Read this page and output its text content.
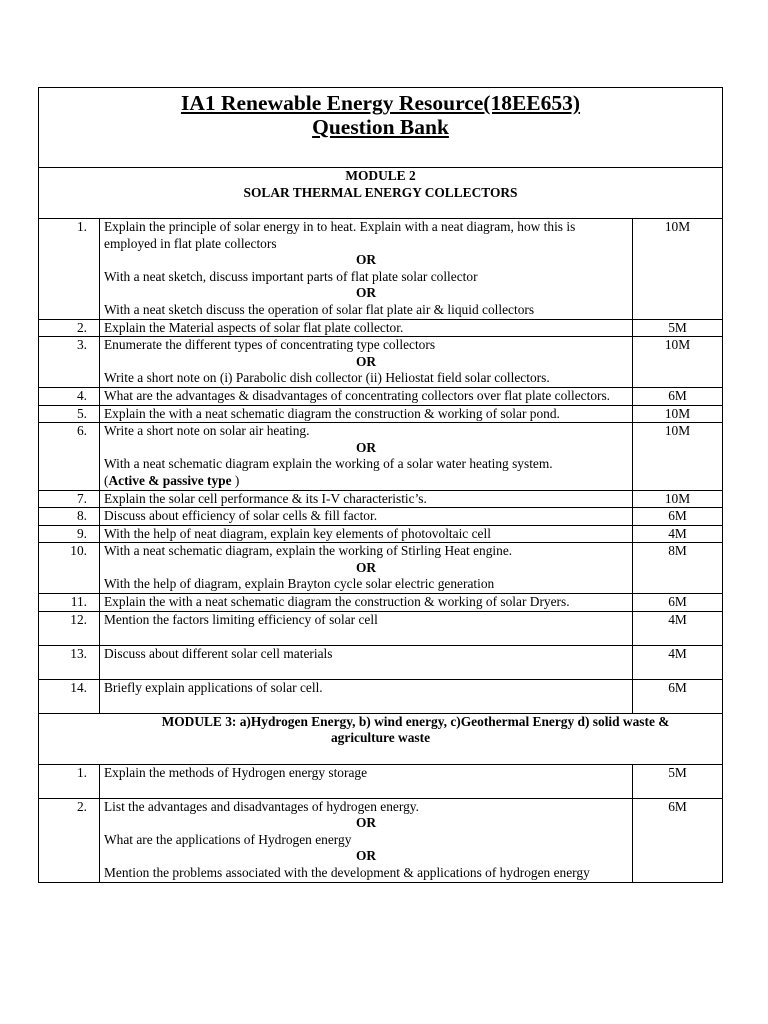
IA1 Renewable Energy Resource(18EE653)
Question Bank		

MODULE 2
SOLAR THERMAL ENERGY COLLECTORS		

1.	Explain the principle of solar energy in to heat. Explain with a neat diagram, how this is employed in flat plate collectors
OR
With a neat sketch, discuss important parts of flat plate solar collector
OR
With a neat sketch discuss the operation of solar flat plate air & liquid collectors	10M
2.	Explain the Material aspects of solar flat plate collector.	5M
3.	Enumerate the different types of concentrating type collectors
OR
Write a short note on (i) Parabolic dish collector (ii) Heliostat field solar collectors.	10M
4.	What are the advantages & disadvantages of concentrating collectors over flat plate collectors.	6M
5.	Explain the with a neat schematic diagram the construction & working of solar pond.	10M
6.	Write a short note on solar air heating.
OR
With a neat schematic diagram explain the working of a solar water heating system.
(Active & passive type )	10M
7.	Explain the solar cell performance & its I-V characteristic’s.	10M
8.	Discuss about efficiency of solar cells & fill factor.	6M
9.	With the help of neat diagram, explain key elements of photovoltaic cell	4M
10.	With a neat schematic diagram, explain the working of Stirling Heat engine.
OR
With the help of diagram, explain Brayton cycle solar electric generation	8M
11.	Explain the with a neat schematic diagram the construction & working of solar Dryers.	6M
12.	Mention the factors limiting efficiency of solar cell	4M
13.	Discuss about different solar cell materials	4M
14.	Briefly explain applications of solar cell.	6M

MODULE 3: a)Hydrogen Energy, b) wind energy, c)Geothermal Energy d) solid waste &
agriculture waste		

1.	Explain the methods of Hydrogen energy storage	5M
2.	List the advantages and disadvantages of hydrogen energy.
OR
What are the applications of Hydrogen energy
OR
Mention the problems associated with the development & applications of hydrogen energy	6M
